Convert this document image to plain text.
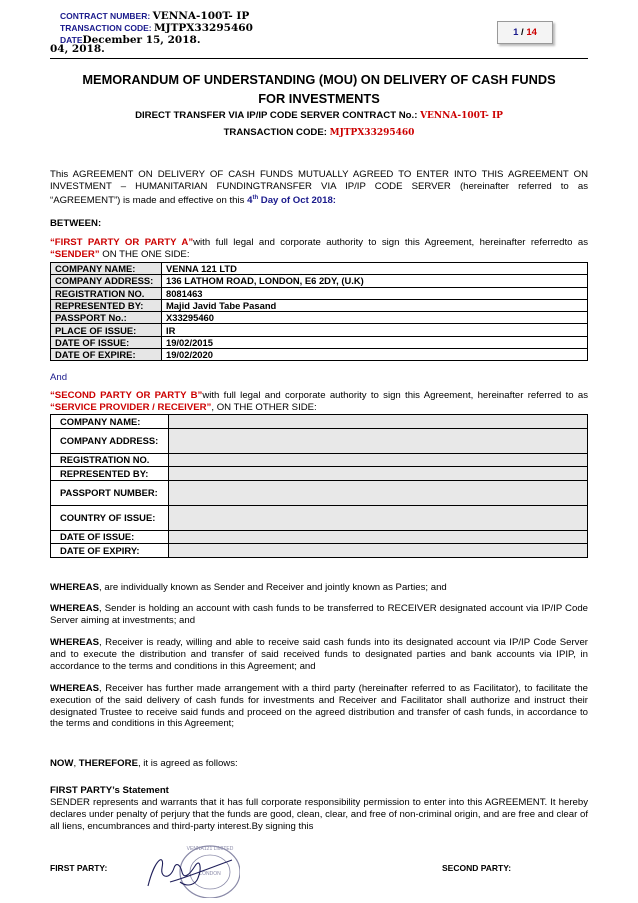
CONTRACT NUMBER: VENNA-100T- IP
TRANSACTION CODE: MJTPX33295460
DATEDecember 15, 2018.
04, 2018.
1 / 14
MEMORANDUM OF UNDERSTANDING (MOU) ON DELIVERY OF CASH FUNDS
FOR INVESTMENTS
DIRECT TRANSFER VIA IP/IP CODE SERVER CONTRACT No.: VENNA-100T- IP
TRANSACTION CODE: MJTPX33295460
This AGREEMENT ON DELIVERY OF CASH FUNDS MUTUALLY AGREED TO ENTER INTO THIS AGREEMENT ON INVESTMENT – HUMANITARIAN FUNDINGTRANSFER VIA IP/IP CODE SERVER (hereinafter referred to as “AGREEMENT”) is made and effective on this 4th Day of Oct 2018:
BETWEEN:
“FIRST PARTY OR PARTY A”with full legal and corporate authority to sign this Agreement, hereinafter referredto as “SENDER” ON THE ONE SIDE:
COMPANY NAME:	VENNA 121 LTD
COMPANY ADDRESS:	136 LATHOM ROAD, LONDON, E6 2DY, (U.K)
REGISTRATION NO.	8081463
REPRESENTED BY:	Majid Javid Tabe Pasand
PASSPORT No.:	X33295460
PLACE OF ISSUE:	IR
DATE OF ISSUE:	19/02/2015
DATE OF EXPIRE:	19/02/2020
And
“SECOND PARTY OR PARTY B”with full legal and corporate authority to sign this Agreement, hereinafter referred to as “SERVICE PROVIDER / RECEIVER”, ON THE OTHER SIDE:
COMPANY NAME:	
COMPANY ADDRESS:	
REGISTRATION NO.	
REPRESENTED BY:	
PASSPORT NUMBER:	
COUNTRY OF ISSUE:	
DATE OF ISSUE:	
DATE OF EXPIRY:	
WHEREAS, are individually known as Sender and Receiver and jointly known as Parties; and
WHEREAS, Sender is holding an account with cash funds to be transferred to RECEIVER designated account via IP/IP Code Server aiming at investments; and
WHEREAS, Receiver is ready, willing and able to receive said cash funds into its designated account via IP/IP Code Server and to execute the distribution and transfer of said received funds to designated parties and bank accounts via IPIP, in accordance to the terms and conditions in this Agreement; and
WHEREAS, Receiver has further made arrangement with a third party (hereinafter referred to as Facilitator), to facilitate the execution of the said delivery of cash funds for investments and Receiver and Facilitator shall authorize and instruct their designated Trustee to receive said funds and proceed on the agreed distribution and transfer of cash funds, in accordance to the terms and conditions in this Agreement;
NOW, THEREFORE, it is agreed as follows:
FIRST PARTY’s Statement
SENDER represents and warrants that it has full corporate responsibility permission to enter into this AGREEMENT. It hereby declares under penalty of perjury that the funds are good, clean, clear, and free of non-criminal origin, and are free and clear of all liens, encumbrances and third-party interest.By signing this
FIRST PARTY:	SECOND PARTY:
VENNA121 LIMITED
LONDON
